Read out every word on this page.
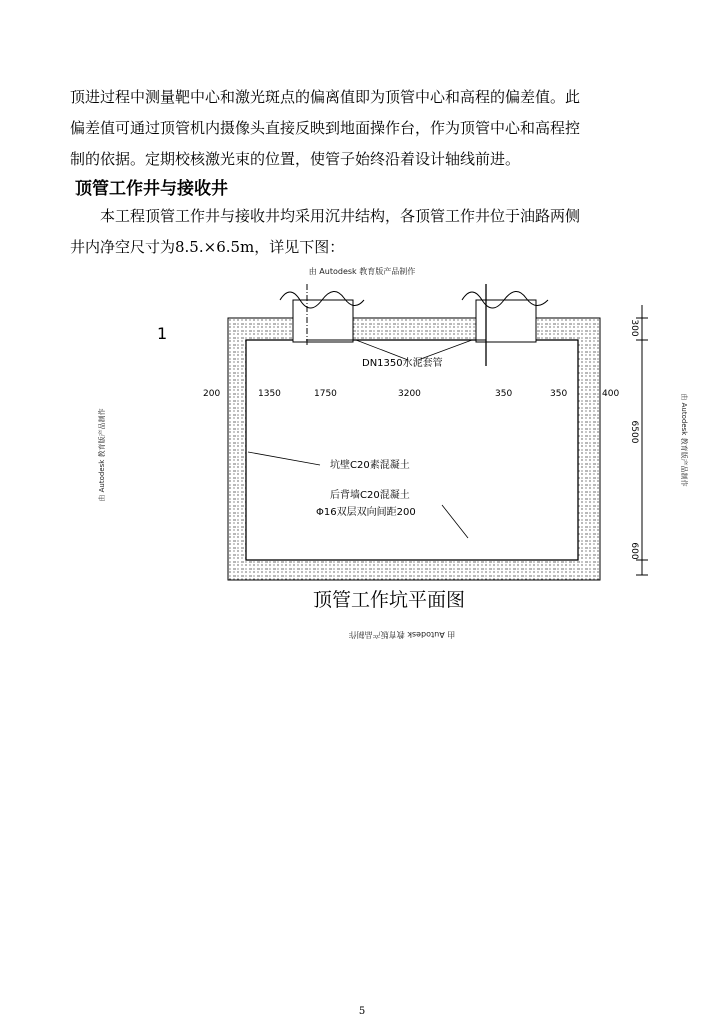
顶进过程中测量靶中心和激光斑点的偏离值即为顶管中心和高程的偏差值。此

偏差值可通过顶管机内摄像头直接反映到地面操作台，作为顶管中心和高程控

制的依据。定期校核激光束的位置，使管子始终沿着设计轴线前进。

顶管工作井与接收井

　　本工程顶管工作井与接收井均采用沉井结构，各顶管工作井位于油路两侧

井内净空尺寸为8.5.×6.5m，详见下图：

由 Autodesk 教育版产品制作
由 Autodesk 教育版产品制作
由 Autodesk 教育版产品制作	由 Autodesk 教育版产品制作
1
200	1350	1750	3200	350	350	400
300
6500
600
DN1350水泥套管
坑壁C20素混凝土
后背墙C20混凝土
Φ16双层双向间距200
顶管工作坑平面图
5
